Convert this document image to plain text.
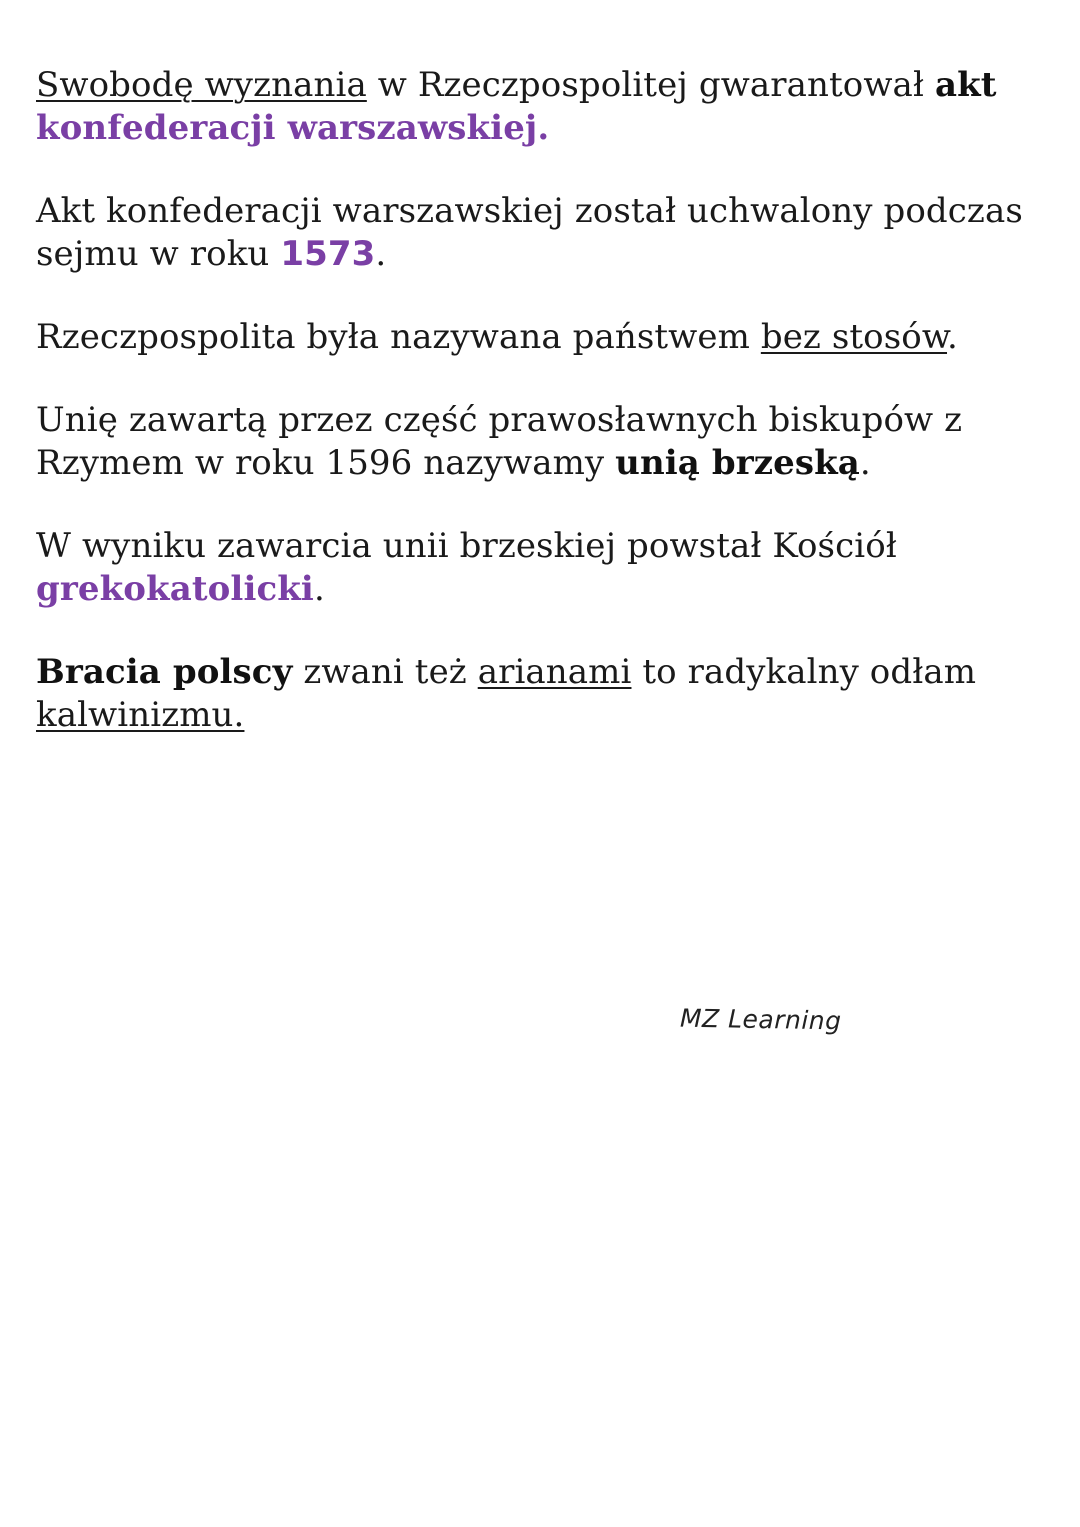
Swobodę wyznania w Rzeczpospolitej gwarantował akt
konfederacji warszawskiej.

Akt konfederacji warszawskiej został uchwalony podczas sejmu w roku 1573.

Rzeczpospolita była nazywana państwem bez stosów.

Unię zawartą przez część prawosławnych biskupów z Rzymem w roku 1596 nazywamy unią brzeską.

W wyniku zawarcia unii brzeskiej powstał Kościół grekokatolicki.

Bracia polscy zwani też arianami to radykalny odłam
kalwinizmu.

MZ Learning
